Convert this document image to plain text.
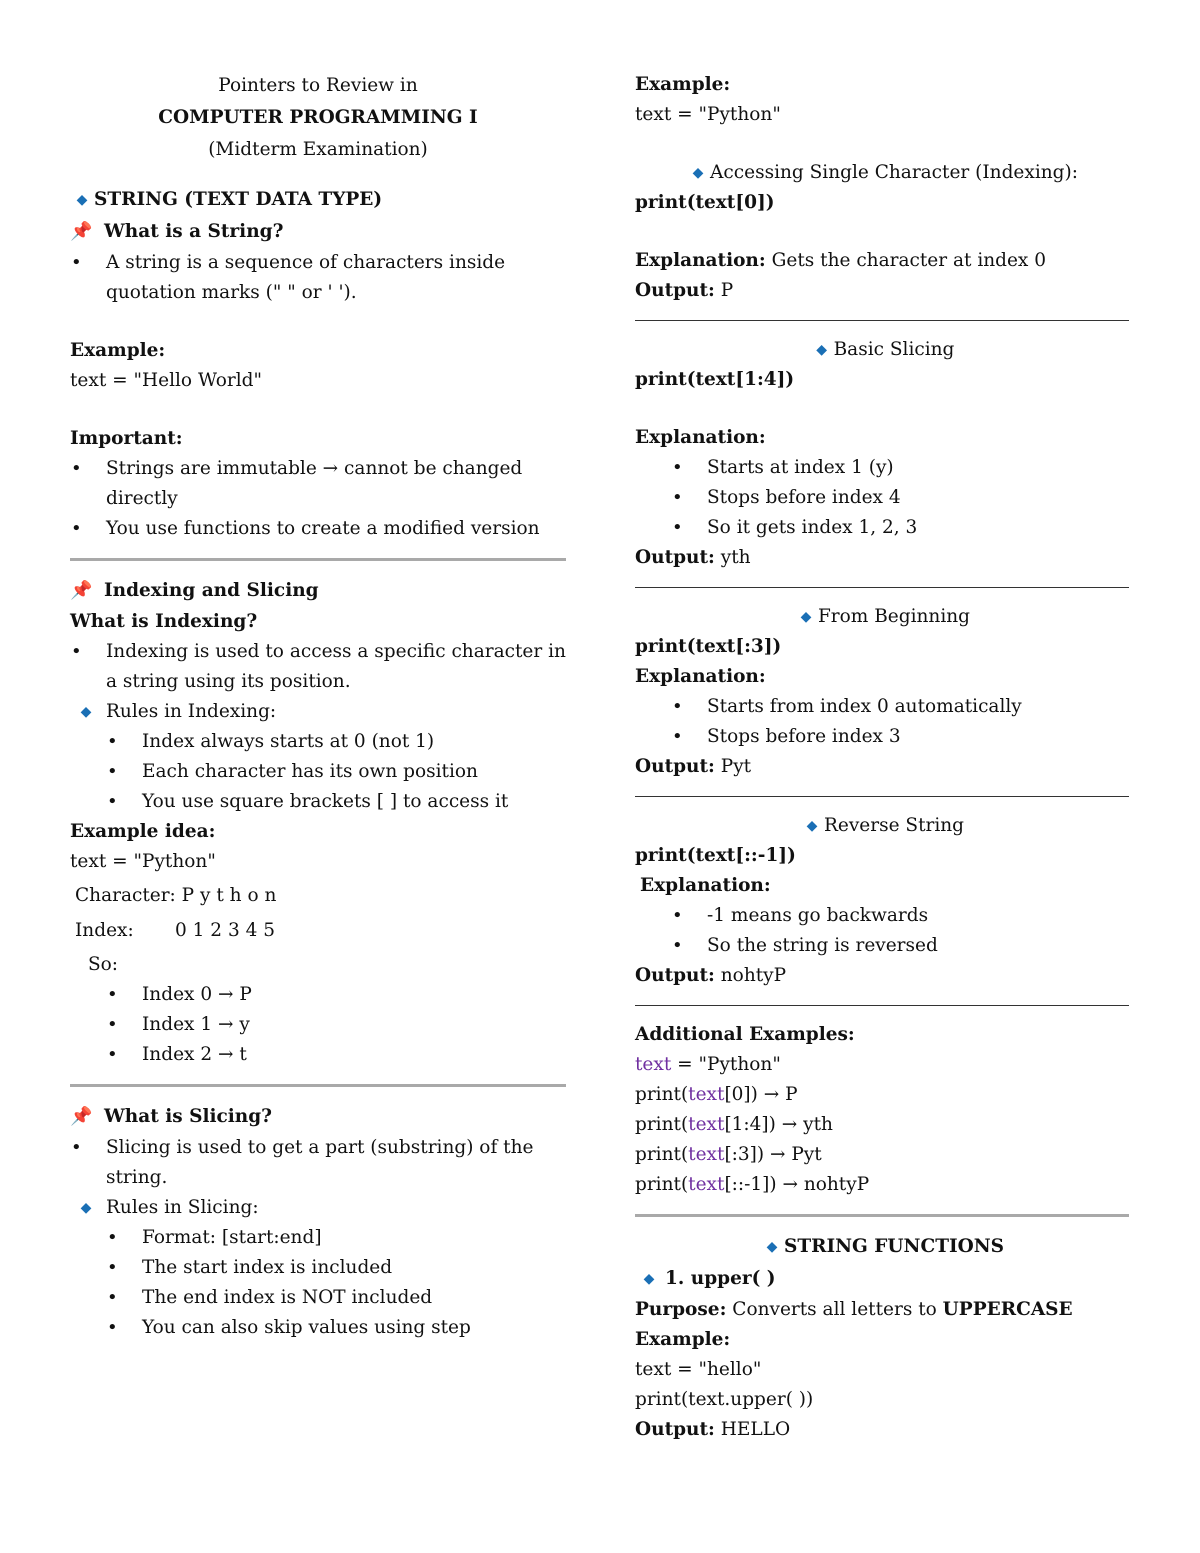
Pointers to Review in
COMPUTER PROGRAMMING I
(Midterm Examination)
◆ STRING (TEXT DATA TYPE)
📌 What is a String?
• A string is a sequence of characters inside
quotation marks (" " or ' ').
Example:
text = "Hello World"
Important:
• Strings are immutable → cannot be changed
directly
• You use functions to create a modified version
📌 Indexing and Slicing
What is Indexing?
• Indexing is used to access a specific character in
a string using its position.
◆ Rules in Indexing:
• Index always starts at 0 (not 1)
• Each character has its own position
• You use square brackets [ ] to access it
Example idea:
text = "Python"
Character: P y t h o n
Index: 0 1 2 3 4 5
So:
• Index 0 → P
• Index 1 → y
• Index 2 → t
📌 What is Slicing?
• Slicing is used to get a part (substring) of the
string.
◆ Rules in Slicing:
• Format: [start:end]
• The start index is included
• The end index is NOT included
• You can also skip values using step
Example:
text = "Python"
◆ Accessing Single Character (Indexing):
print(text[0])
Explanation: Gets the character at index 0
Output: P
◆ Basic Slicing
print(text[1:4])
Explanation:
• Starts at index 1 (y)
• Stops before index 4
• So it gets index 1, 2, 3
Output: yth
◆ From Beginning
print(text[:3])
Explanation:
• Starts from index 0 automatically
• Stops before index 3
Output: Pyt
◆ Reverse String
print(text[::-1])
Explanation:
• -1 means go backwards
• So the string is reversed
Output: nohtyP
Additional Examples:
text = "Python"
print(text[0]) → P
print(text[1:4]) → yth
print(text[:3]) → Pyt
print(text[::-1]) → nohtyP
◆ STRING FUNCTIONS
◆ 1. upper( )
Purpose: Converts all letters to UPPERCASE
Example:
text = "hello"
print(text.upper( ))
Output: HELLO
